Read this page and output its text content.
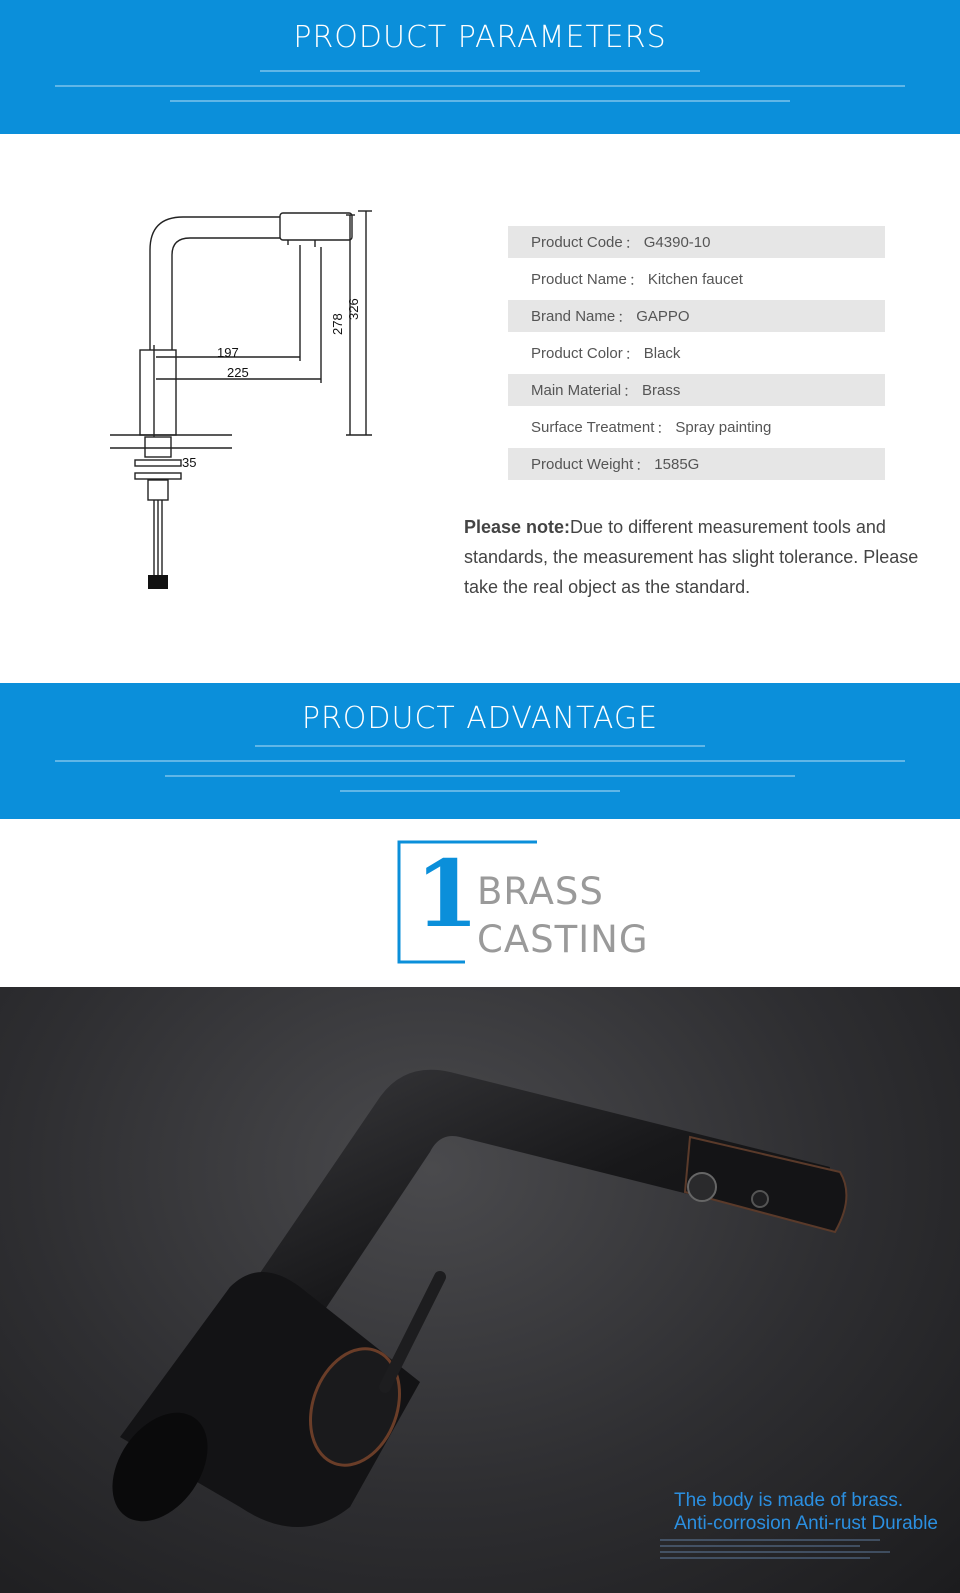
PRODUCT PARAMETERS
197
225
35
278
326
Product Code ： G4390-10
Product Name ： Kitchen faucet
Brand Name ： GAPPO
Product Color ： Black
Main Material ： Brass
Surface Treatment ： Spray painting
Product Weight ： 1585G
Please note:Due to different measurement tools and standards, the measurement has slight tolerance. Please take the real object as the standard.
PRODUCT ADVANTAGE
1
BRASS
CASTING
The body is made of brass.
Anti-corrosion Anti-rust Durable
